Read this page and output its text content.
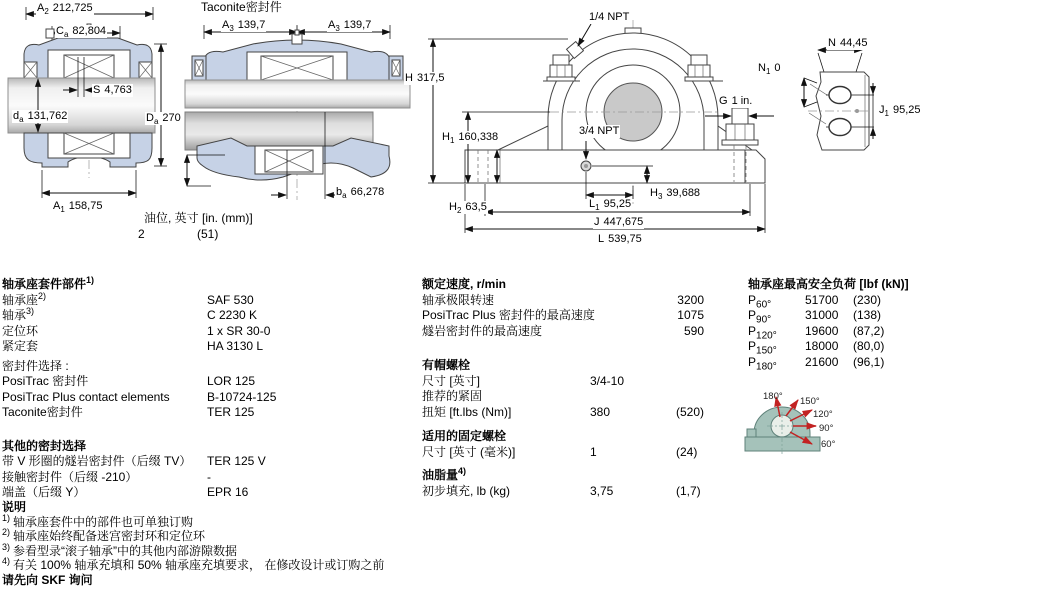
180° 150°
120°
90°
60°
$A_2$ 212,725
$C_a$ 82,804
S 4,763
$d_a$ 131,762	$D_a$ 270
$A_1$ 158,75
Taconite密封件
$A_3$ 139,7	$A_3$ 139,7
$b_a$ 66,278
油位, 英寸 [in. (mm)]
2	(51)
1/4 NPT
3/4 NPT
H 317,5
$H_1$ 160,338
$H_2$ 63,5
$H_3$ 39,688
$L_1$ 95,25
J 447,675
L 539,75
G 1 in.
$N_1$ 0
N 44,45
$J_1$ 95,25
轴承座套件部件$^{1)}$
轴承座$^{2)}$	SAF 530
轴承$^{3)}$	C 2230 K
定位环	1 x SR 30-0
紧定套	HA 3130 L
密封件选择 :
PosiTrac 密封件	LOR 125
PosiTrac Plus contact elements	B-10724-125
Taconite密封件	TER 125
其他的密封选择
带 V 形圈的燧岩密封件（后缀 TV） TER 125 V
接触密封件（后缀 -210）	-
端盖（后缀 Y）	EPR 16
额定速度, r/min
轴承极限转速	3200
PosiTrac Plus 密封件的最高速度	1075
燧岩密封件的最高速度	590
有帽螺栓
尺寸 [英寸]	3/4-10
推荐的紧固
扭矩 [ft.lbs (Nm)]	380	(520)
适用的固定螺栓
尺寸 [英寸 (毫米)]	1	(24)
油脂量$^{4)}$
初步填充, lb (kg)	3,75	(1,7)
轴承座最高安全负荷 [lbf (kN)]
$P_{60^\circ}$	51700 (230)
$P_{90^\circ}$	31000 (138)
$P_{120^\circ}$ 19600 (87,2)
$P_{150^\circ}$ 18000 (80,0)
$P_{180^\circ}$ 21600 (96,1)
说明
$^{1)}$ 轴承座套件中的部件也可单独订购
$^{2)}$ 轴承座始终配备迷宫密封环和定位环
$^{3)}$ 参看型录“滚子轴承”中的其他内部游隙数据
$^{4)}$ 有关 100% 轴承充填和 50% 轴承座充填要求， 在修改设计或订购之前
请先向 SKF 询问
